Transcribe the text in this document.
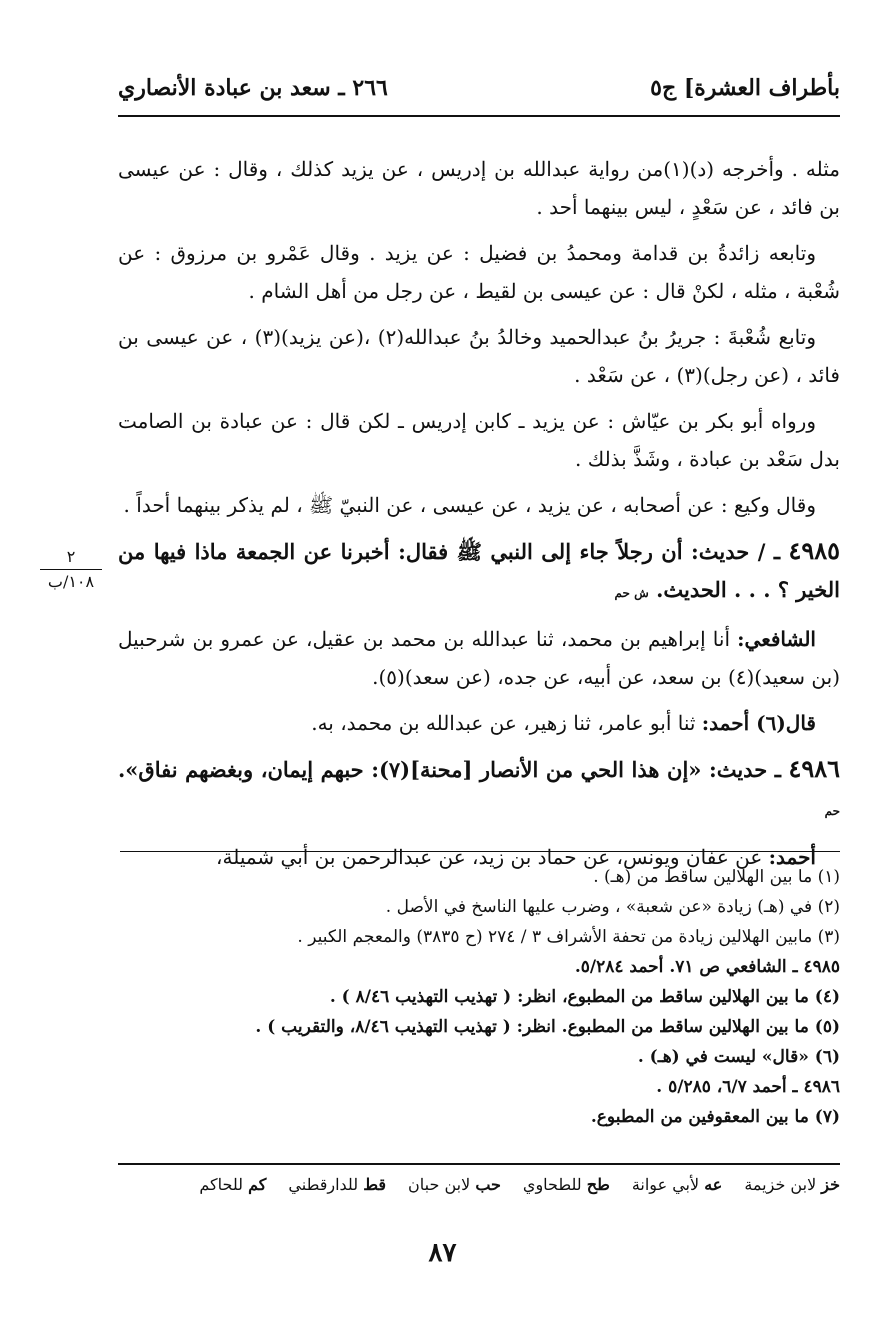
بأطراف العشرة] ج٥
٢٦٦ ـ سعد بن عبادة الأنصاري

مثله . وأخرجه (د)(١)من رواية عبدالله بن إدريس ، عن يزيد كذلك ، وقال : عن عيسى بن فائد ، عن سَعْدٍ ، ليس بينهما أحد .

وتابعه زائدةُ بن قدامة ومحمدُ بن فضيل : عن يزيد . وقال عَمْرو بن مرزوق : عن شُعْبة ، مثله ، لكنْ قال : عن عيسى بن لقيط ، عن رجل من أهل الشام .

وتابع شُعْبةَ : جريرُ بنُ عبدالحميد وخالدُ بنُ عبدالله(٢) ،(عن يزيد)(٣) ، عن عيسى بن فائد ، (عن رجل)(٣) ، عن سَعْد .

ورواه أبو بكر بن عيّاش : عن يزيد ـ كابن إدريس ـ لكن قال : عن عبادة بن الصامت بدل سَعْد بن عبادة ، وشَذَّ بذلك .

وقال وكيع : عن أصحابه ، عن يزيد ، عن عيسى ، عن النبيّ ﷺ ، لم يذكر بينهما أحداً .

٤٩٨٥ ـ / حديث: أن رجلاً جاء إلى النبي ﷺ فقال: أخبرنا عن الجمعة ماذا فيها من الخير ؟ . . . الحديث. ش حم

الشافعي: أنا إبراهيم بن محمد، ثنا عبدالله بن محمد بن عقيل، عن عمرو بن شرحبيل (بن سعيد)(٤) بن سعد، عن أبيه، عن جده، (عن سعد)(٥).

قال(٦) أحمد: ثنا أبو عامر، ثنا زهير، عن عبدالله بن محمد، به.

٤٩٨٦ ـ حديث: «إن هذا الحي من الأنصار [محنة](٧): حبهم إيمان، وبغضهم نفاق». حم

أحمد: عن عفان ويونس، عن حماد بن زيد، عن عبدالرحمن بن أبي شميلة،

٢
١٠٨/ب
(١) ما بين الهلالين ساقط من (هـ) .
(٢) في (هـ) زيادة «عن شعبة» ، وضرب عليها الناسخ في الأصل .
(٣) مابين الهلالين زيادة من تحفة الأشراف ٣ / ٢٧٤ (ح ٣٨٣٥) والمعجم الكبير .
٤٩٨٥ ـ الشافعي ص ٧١. أحمد ٥/٢٨٤.
(٤) ما بين الهلالين ساقط من المطبوع، انظر: ( تهذيب التهذيب ٨/٤٦ ) .
(٥) ما بين الهلالين ساقط من المطبوع. انظر: ( تهذيب التهذيب ٨/٤٦، والتقريب ) .
(٦) «قال» ليست في (هـ) .
٤٩٨٦ ـ أحمد ٦/٧، ٥/٢٨٥ .
(٧) ما بين المعقوفين من المطبوع.
خز لابن خزيمة
عه لأبي عوانة
طح للطحاوي
حب لابن حبان
قط للدارقطني
كم للحاكم
٨٧
